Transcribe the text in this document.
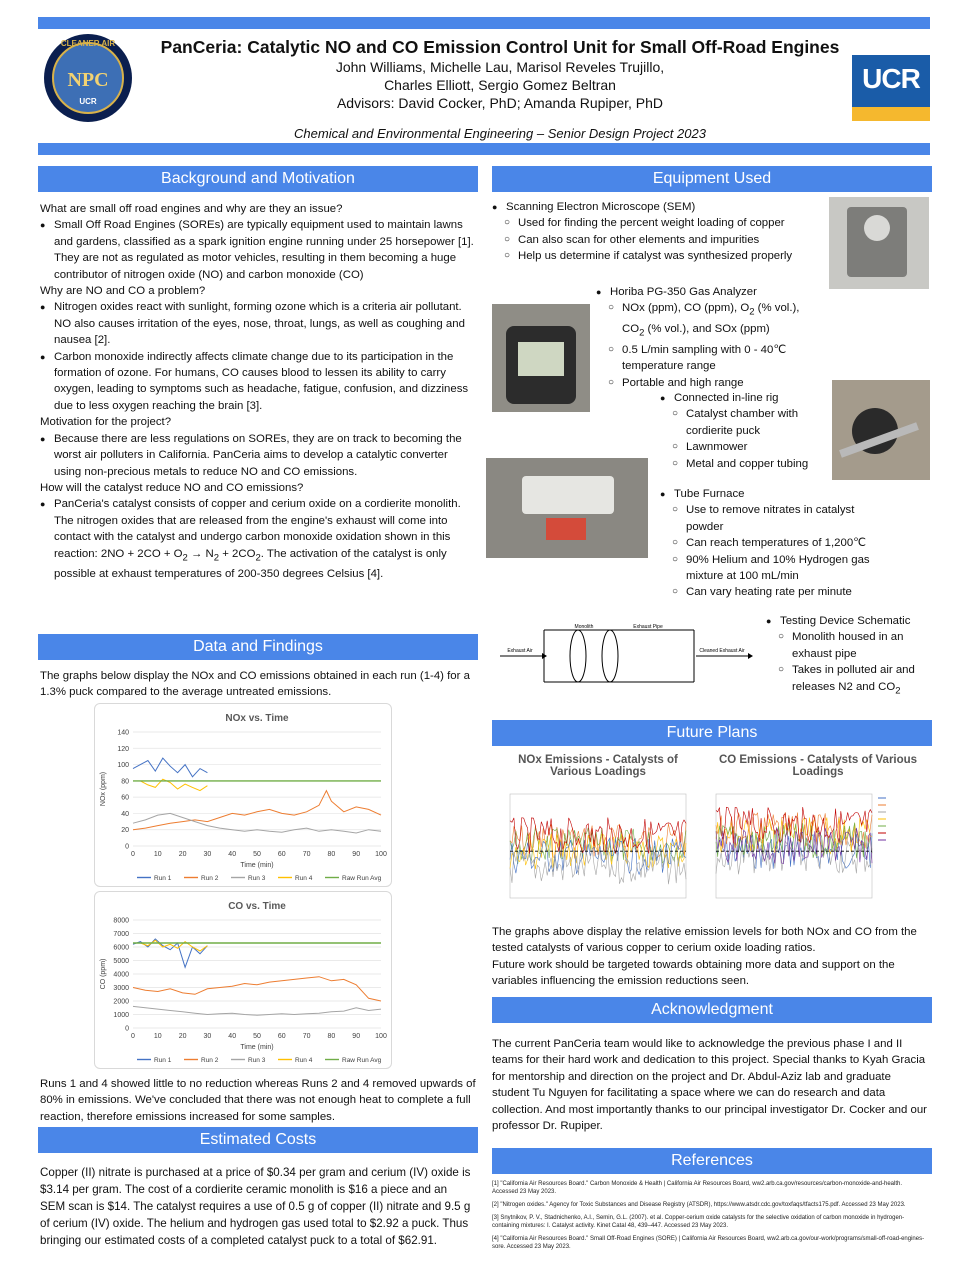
CLEANER AIR
NPC
UCR
PanCeria: Catalytic NO and CO Emission Control Unit for Small Off-Road Engines
John Williams, Michelle Lau, Marisol Reveles Trujillo,
Charles Elliott, Sergio Gomez Beltran
Advisors: David Cocker, PhD; Amanda Rupiper, PhD
Chemical and Environmental Engineering – Senior Design Project 2023
UCR
Background and Motivation

What are small off road engines and why are they an issue?

● Small Off Road Engines (SOREs) are typically equipment used to maintain lawns and gardens, classified as a spark ignition engine running under 25 horsepower [1]. They are not as regulated as motor vehicles, resulting in them becoming a huge contributor of nitrogen oxide (NO) and carbon monoxide (CO)

Why are NO and CO a problem?

● Nitrogen oxides react with sunlight, forming ozone which is a criteria air pollutant. NO also causes irritation of the eyes, nose, throat, lungs, as well as coughing and nausea [2].
● Carbon monoxide indirectly affects climate change due to its participation in the formation of ozone. For humans, CO causes blood to lessen its ability to carry oxygen, leading to symptoms such as headache, fatigue, confusion, and dizziness due to less oxygen reaching the brain [3].

Motivation for the project?

● Because there are less regulations on SOREs, they are on track to becoming the worst air polluters in California. PanCeria aims to develop a catalytic converter using non-precious metals to reduce NO and CO emissions.

How will the catalyst reduce NO and CO emissions?

● PanCeria's catalyst consists of copper and cerium oxide on a cordierite monolith. The nitrogen oxides that are released from the engine's exhaust will come into contact with the catalyst and undergo carbon monoxide oxidation shown in this reaction: $2NO + 2CO + O_2 \to N_2 + 2CO_2$. The activation of the catalyst is only possible at exhaust temperatures of 200-350 degrees Celsius [4].
Data and Findings
The graphs below display the NOx and CO emissions obtained in each run (1-4) for a 1.3% puck compared to the average untreated emissions.
NOx vs. Time
0
20
40
60
80
100
120
140
0	10 20 30 40 50 60 70 80 90 100
Time (min)
NOx (ppm)
Run 1	Run 2	Run 3	Run 4	Raw Run Avg
CO vs. Time
0
1000
2000
3000
4000
5000
6000
7000
8000
0	10 20 30 40 50 60 70 80 90 100
Time (min)
CO (ppm)
Run 1	Run 2	Run 3	Run 4	Raw Run Avg
Runs 1 and 4 showed little to no reduction whereas Runs 2 and 4 removed upwards of 80% in emissions. We've concluded that there was not enough heat to complete a full reaction, therefore emissions increased for some samples.
Estimated Costs
Copper (II) nitrate is purchased at a price of $0.34 per gram and cerium (IV) oxide is $3.14 per gram. The cost of a cordierite ceramic monolith is $16 a piece and an SEM scan is $14. The catalyst requires a use of 0.5 g of copper (II) nitrate and 9.5 g of cerium (IV) oxide. The helium and hydrogen gas used total to $2.92 a puck. Thus bringing our estimated costs of a completed catalyst puck to a total of $62.91.
Equipment Used
● Scanning Electron Microscope (SEM)
○ Used for finding the percent weight loading of copper
○ Can also scan for other elements and impurities
○ Help us determine if catalyst was synthesized properly
● Horiba PG-350 Gas Analyzer
○ NOx (ppm), CO (ppm), $O_2$ (% vol.),
$CO_2$ (% vol.), and SOx (ppm)
○ 0.5 L/min sampling with 0 - 40℃
temperature range
○ Portable and high range
● Connected in-line rig
○ Catalyst chamber with
cordierite puck
○ Lawnmower
○ Metal and copper tubing
● Tube Furnace
○ Use to remove nitrates in catalyst
powder
○ Can reach temperatures of 1,200℃
○ 90% Helium and 10% Hydrogen gas
mixture at 100 mL/min
○ Can vary heating rate per minute
Monolith	Exhaust Pipe
Exhaust Air	Cleaned Exhaust Air
● Testing Device Schematic
○ Monolith housed in an
exhaust pipe
○ Takes in polluted air and
releases N2 and $CO_2$
Future Plans
NOx Emissions - Catalysts of Various Loadings
CO Emissions - Catalysts of Various Loadings

The graphs above display the relative emission levels for both NOx and CO from the tested catalysts of various copper to cerium oxide loading ratios.

Future work should be targeted towards obtaining more data and support on the variables influencing the emission reductions seen.

Acknowledgment
The current PanCeria team would like to acknowledge the previous phase I and II teams for their hard work and dedication to this project. Special thanks to Kyah Gracia for mentorship and direction on the project and Dr. Abdul-Aziz lab and graduate student Tu Nguyen for facilitating a space where we can do research and data collection. And most importantly thanks to our principal investigator Dr. Cocker and our professor Dr. Rupiper.
References

[1] "California Air Resources Board." Carbon Monoxide & Health | California Air Resources Board, ww2.arb.ca.gov/resources/carbon-monoxide-and-health. Accessed 23 May 2023.

[2] "Nitrogen oxides." Agency for Toxic Substances and Disease Registry (ATSDR), https://www.atsdr.cdc.gov/toxfaqs/tfacts175.pdf. Accessed 23 May 2023.

[3] Snytnikov, P. V., Stadnichenko, A.I., Semin, G.L. (2007). et al. Copper-cerium oxide catalysts for the selective oxidation of carbon monoxide in hydrogen-containing mixtures: I. Catalyst activity. Kinet Catal 48, 439–447. Accessed 23 May 2023.

[4] "California Air Resources Board." Small Off-Road Engines (SORE) | California Air Resources Board, ww2.arb.ca.gov/our-work/programs/small-off-road-engines-sore. Accessed 23 May 2023.
